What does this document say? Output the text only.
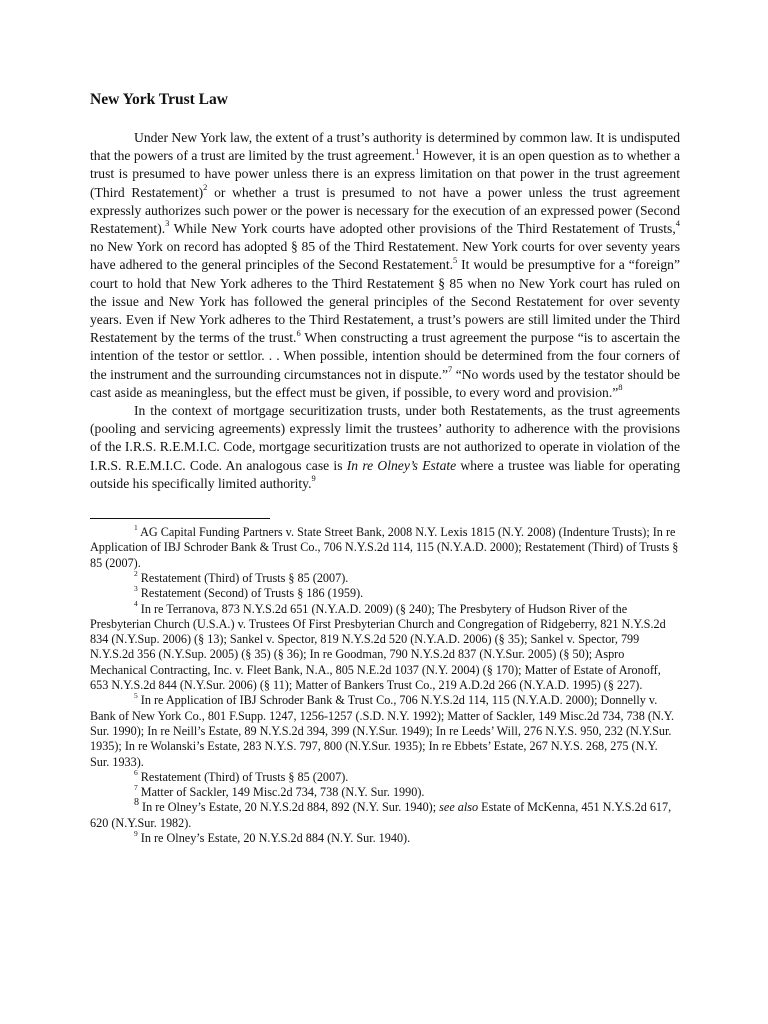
New York Trust Law

Under New York law, the extent of a trust’s authority is determined by common law. It is undisputed that the powers of a trust are limited by the trust agreement.$^1$ However, it is an open question as to whether a trust is presumed to have power unless there is an express limitation on that power in the trust agreement (Third Restatement)$^2$ or whether a trust is presumed to not have a power unless the trust agreement expressly authorizes such power or the power is necessary for the execution of an expressed power (Second Restatement).$^3$ While New York courts have adopted other provisions of the Third Restatement of Trusts,$^4$ no New York on record has adopted § 85 of the Third Restatement. New York courts for over seventy years have adhered to the general principles of the Second Restatement.$^5$ It would be presumptive for a “foreign” court to hold that New York adheres to the Third Restatement § 85 when no New York court has ruled on the issue and New York has followed the general principles of the Second Restatement for over seventy years. Even if New York adheres to the Third Restatement, a trust’s powers are still limited under the Third Restatement by the terms of the trust.$^6$ When constructing a trust agreement the purpose “is to ascertain the intention of the testor or settlor. . . When possible, intention should be determined from the four corners of the instrument and the surrounding circumstances not in dispute.”$^7$ “No words used by the testator should be cast aside as meaningless, but the effect must be given, if possible, to every word and provision.”$^8$

In the context of mortgage securitization trusts, under both Restatements, as the trust agreements (pooling and servicing agreements) expressly limit the trustees’ authority to adherence with the provisions of the I.R.S. R.E.M.I.C. Code, mortgage securitization trusts are not authorized to operate in violation of the I.R.S. R.E.M.I.C. Code. An analogous case is In re Olney’s Estate where a trustee was liable for operating outside his specifically limited authority.$^9$

$^1$ AG Capital Funding Partners v. State Street Bank, 2008 N.Y. Lexis 1815 (N.Y. 2008) (Indenture Trusts); In re Application of IBJ Schroder Bank & Trust Co., 706 N.Y.S.2d 114, 115 (N.Y.A.D. 2000); Restatement (Third) of Trusts § 85 (2007).

$^2$ Restatement (Third) of Trusts § 85 (2007).

$^3$ Restatement (Second) of Trusts § 186 (1959).

$^4$ In re Terranova, 873 N.Y.S.2d 651 (N.Y.A.D. 2009) (§ 240); The Presbytery of Hudson River of the Presbyterian Church (U.S.A.) v. Trustees Of First Presbyterian Church and Congregation of Ridgeberry, 821 N.Y.S.2d 834 (N.Y.Sup. 2006) (§ 13); Sankel v. Spector, 819 N.Y.S.2d 520 (N.Y.A.D. 2006) (§ 35); Sankel v. Spector, 799 N.Y.S.2d 356 (N.Y.Sup. 2005) (§ 35) (§ 36); In re Goodman, 790 N.Y.S.2d 837 (N.Y.Sur. 2005) (§ 50); Aspro Mechanical Contracting, Inc. v. Fleet Bank, N.A., 805 N.E.2d 1037 (N.Y. 2004) (§ 170); Matter of Estate of Aronoff, 653 N.Y.S.2d 844 (N.Y.Sur. 2006) (§ 11); Matter of Bankers Trust Co., 219 A.D.2d 266 (N.Y.A.D. 1995) (§ 227).

$^5$ In re Application of IBJ Schroder Bank & Trust Co., 706 N.Y.S.2d 114, 115 (N.Y.A.D. 2000); Donnelly v. Bank of New York Co., 801 F.Supp. 1247, 1256-1257 (.S.D. N.Y. 1992); Matter of Sackler, 149 Misc.2d 734, 738 (N.Y. Sur. 1990); In re Neill’s Estate, 89 N.Y.S.2d 394, 399 (N.Y.Sur. 1949); In re Leeds’ Will, 276 N.Y.S. 950, 232 (N.Y.Sur. 1935); In re Wolanski’s Estate, 283 N.Y.S. 797, 800 (N.Y.Sur. 1935); In re Ebbets’ Estate, 267 N.Y.S. 268, 275 (N.Y. Sur. 1933).

$^6$ Restatement (Third) of Trusts § 85 (2007).

$^7$ Matter of Sackler, 149 Misc.2d 734, 738 (N.Y. Sur. 1990).

$^8$ In re Olney’s Estate, 20 N.Y.S.2d 884, 892 (N.Y. Sur. 1940); see also Estate of McKenna, 451 N.Y.S.2d 617, 620 (N.Y.Sur. 1982).

$^9$ In re Olney’s Estate, 20 N.Y.S.2d 884 (N.Y. Sur. 1940).
